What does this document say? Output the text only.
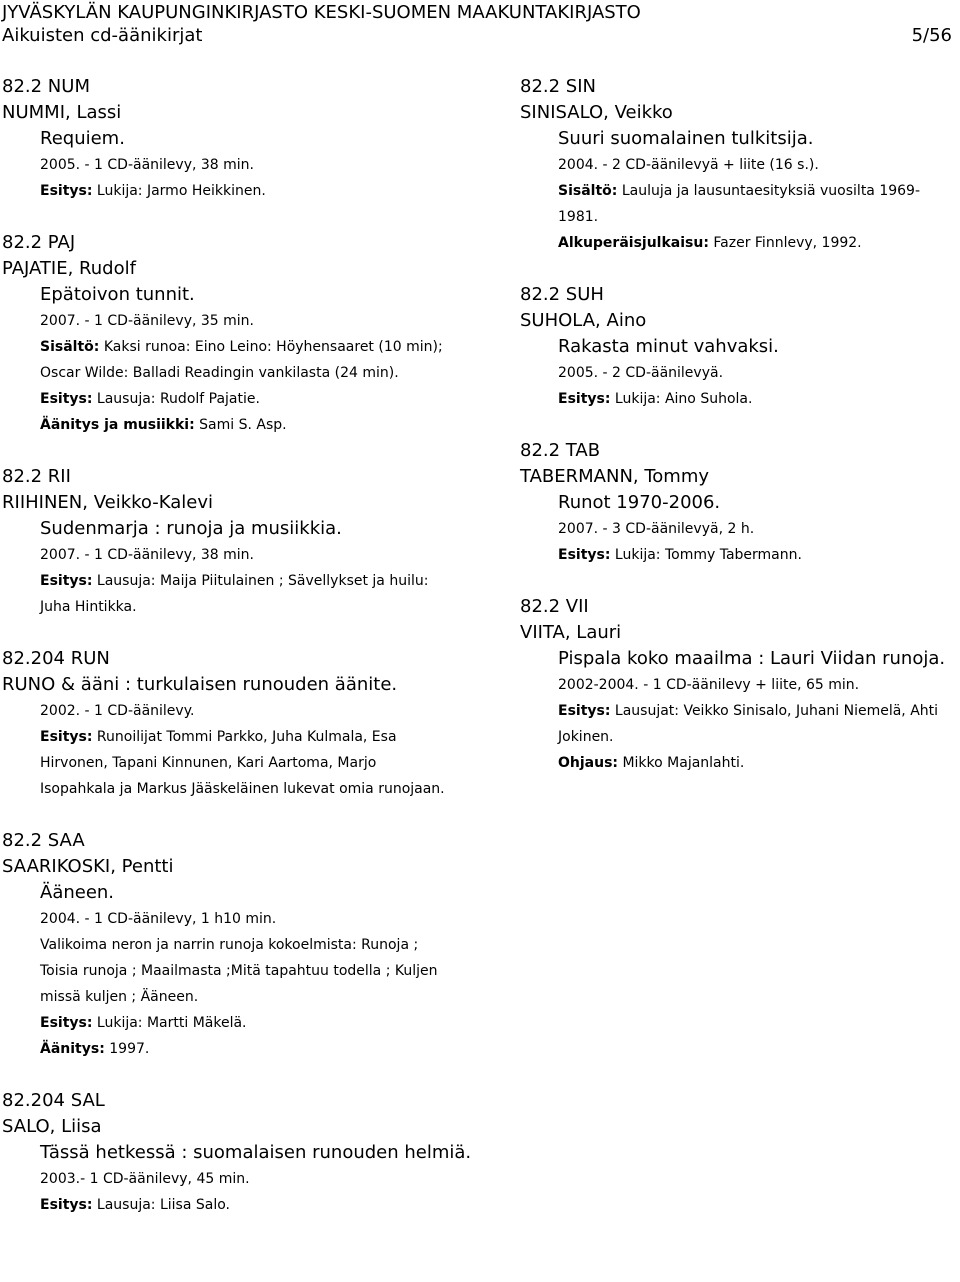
JYVÄSKYLÄN KAUPUNGINKIRJASTO KESKI-SUOMEN MAAKUNTAKIRJASTO
Aikuisten cd-äänikirjat	5/56
82.2 NUM
NUMMI, Lassi
Requiem.
2005. - 1 CD-äänilevy, 38 min.
Esitys: Lukija: Jarmo Heikkinen.
82.2 PAJ
PAJATIE, Rudolf
Epätoivon tunnit.
2007. - 1 CD-äänilevy, 35 min.
Sisältö: Kaksi runoa: Eino Leino: Höyhensaaret (10 min);
Oscar Wilde: Balladi Readingin vankilasta (24 min).
Esitys: Lausuja: Rudolf Pajatie.
Äänitys ja musiikki: Sami S. Asp.
82.2 RII
RIIHINEN, Veikko-Kalevi
Sudenmarja : runoja ja musiikkia.
2007. - 1 CD-äänilevy, 38 min.
Esitys: Lausuja: Maija Piitulainen ; Sävellykset ja huilu:
Juha Hintikka.
82.204 RUN
RUNO & ääni : turkulaisen runouden äänite.
2002. - 1 CD-äänilevy.
Esitys: Runoilijat Tommi Parkko, Juha Kulmala, Esa
Hirvonen, Tapani Kinnunen, Kari Aartoma, Marjo
Isopahkala ja Markus Jääskeläinen lukevat omia runojaan.
82.2 SAA
SAARIKOSKI, Pentti
Ääneen.
2004. - 1 CD-äänilevy, 1 h10 min.
Valikoima neron ja narrin runoja kokoelmista: Runoja ;
Toisia runoja ; Maailmasta ;Mitä tapahtuu todella ; Kuljen
missä kuljen ; Ääneen.
Esitys: Lukija: Martti Mäkelä.
Äänitys: 1997.
82.204 SAL
SALO, Liisa
Tässä hetkessä : suomalaisen runouden helmiä.
2003.- 1 CD-äänilevy, 45 min.
Esitys: Lausuja: Liisa Salo.
82.2 SIN
SINISALO, Veikko
Suuri suomalainen tulkitsija.
2004. - 2 CD-äänilevyä + liite (16 s.).
Sisältö: Lauluja ja lausuntaesityksiä vuosilta 1969-1981.
Alkuperäisjulkaisu: Fazer Finnlevy, 1992.
82.2 SUH
SUHOLA, Aino
Rakasta minut vahvaksi.
2005. - 2 CD-äänilevyä.
Esitys: Lukija: Aino Suhola.
82.2 TAB
TABERMANN, Tommy
Runot 1970-2006.
2007. - 3 CD-äänilevyä, 2 h.
Esitys: Lukija: Tommy Tabermann.
82.2 VII
VIITA, Lauri
Pispala koko maailma : Lauri Viidan runoja.
2002-2004. - 1 CD-äänilevy + liite, 65 min.
Esitys: Lausujat: Veikko Sinisalo, Juhani Niemelä, Ahti
Jokinen.
Ohjaus: Mikko Majanlahti.
